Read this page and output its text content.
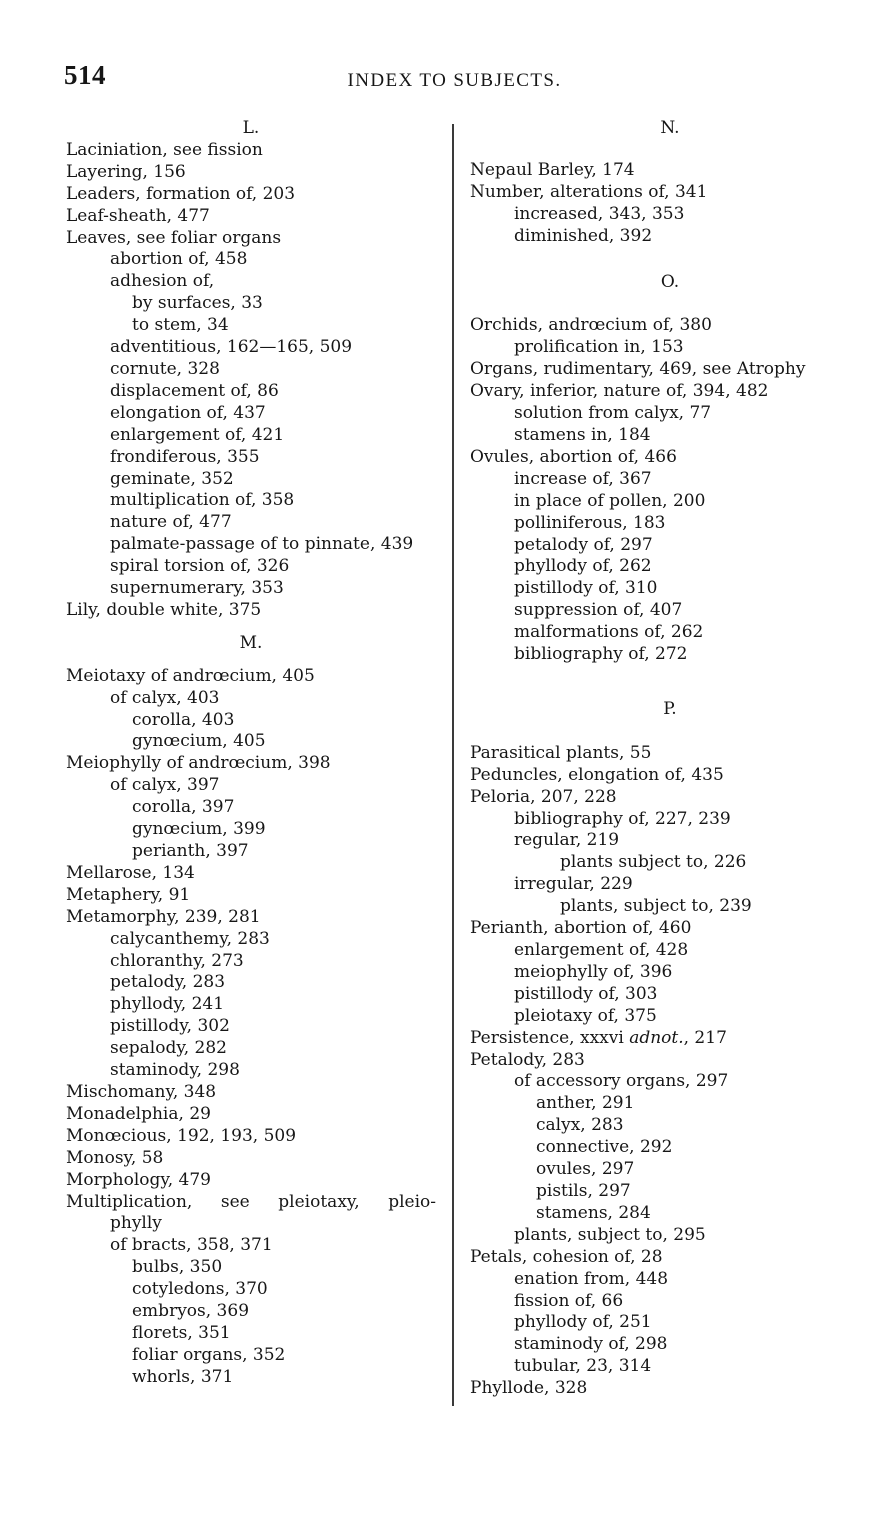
514	INDEX TO SUBJECTS.
L.
Laciniation, see fission
Layering, 156
Leaders, formation of, 203
Leaf-sheath, 477
Leaves, see foliar organs
abortion of, 458
adhesion of,
by surfaces, 33
to stem, 34
adventitious, 162—165, 509
cornute, 328
displacement of, 86
elongation of, 437
enlargement of, 421
frondiferous, 355
geminate, 352
multiplication of, 358
nature of, 477
palmate-passage of to pinnate, 439
spiral torsion of, 326
supernumerary, 353
Lily, double white, 375
M.
Meiotaxy of andrœcium, 405
of calyx, 403
corolla, 403
gynœcium, 405
Meiophylly of andrœcium, 398
of calyx, 397
corolla, 397
gynœcium, 399
perianth, 397
Mellarose, 134
Metaphery, 91
Metamorphy, 239, 281
calycanthemy, 283
chloranthy, 273
petalody, 283
phyllody, 241
pistillody, 302
sepalody, 282
staminody, 298
Mischomany, 348
Monadelphia, 29
Monœcious, 192, 193, 509
Monosy, 58
Morphology, 479
Multiplication, see pleiotaxy, pleio-
phylly
of bracts, 358, 371
bulbs, 350
cotyledons, 370
embryos, 369
florets, 351
foliar organs, 352
whorls, 371
N.
Nepaul Barley, 174
Number, alterations of, 341
increased, 343, 353
diminished, 392
O.
Orchids, andrœcium of, 380
prolification in, 153
Organs, rudimentary, 469, see Atrophy
Ovary, inferior, nature of, 394, 482
solution from calyx, 77
stamens in, 184
Ovules, abortion of, 466
increase of, 367
in place of pollen, 200
polliniferous, 183
petalody of, 297
phyllody of, 262
pistillody of, 310
suppression of, 407
malformations of, 262
bibliography of, 272
P.
Parasitical plants, 55
Peduncles, elongation of, 435
Peloria, 207, 228
bibliography of, 227, 239
regular, 219
plants subject to, 226
irregular, 229
plants, subject to, 239
Perianth, abortion of, 460
enlargement of, 428
meiophylly of, 396
pistillody of, 303
pleiotaxy of, 375
Persistence, xxxvi adnot., 217
Petalody, 283
of accessory organs, 297
anther, 291
calyx, 283
connective, 292
ovules, 297
pistils, 297
stamens, 284
plants, subject to, 295
Petals, cohesion of, 28
enation from, 448
fission of, 66
phyllody of, 251
staminody of, 298
tubular, 23, 314
Phyllode, 328
